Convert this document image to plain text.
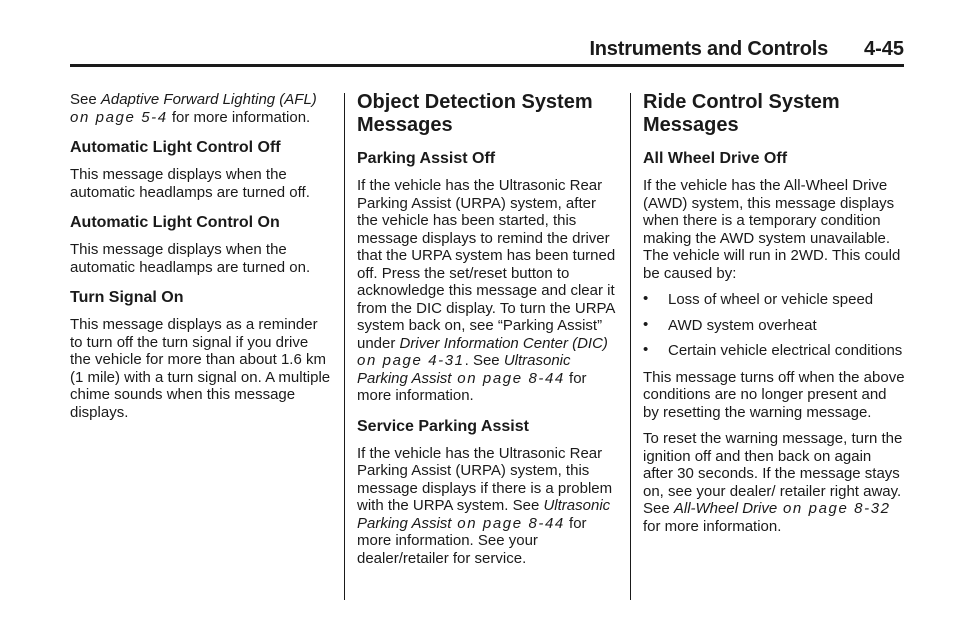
Instruments and Controls 4-45

See Adaptive Forward Lighting (AFL) on page 5-4 for more information.

Automatic Light Control Off

This message displays when the automatic headlamps are turned off.

Automatic Light Control On

This message displays when the automatic headlamps are turned on.

Turn Signal On

This message displays as a reminder to turn off the turn signal if you drive the vehicle for more than about 1.6 km (1 mile) with a turn signal on. A multiple chime sounds when this message displays.

Object Detection System Messages
Parking Assist Off

If the vehicle has the Ultrasonic Rear Parking Assist (URPA) system, after the vehicle has been started, this message displays to remind the driver that the URPA system has been turned off. Press the set/reset button to acknowledge this message and clear it from the DIC display. To turn the URPA system back on, see “Parking Assist” under Driver Information Center (DIC) on page 4-31. See Ultrasonic Parking Assist on page 8-44 for more information.

Service Parking Assist

If the vehicle has the Ultrasonic Rear Parking Assist (URPA) system, this message displays if there is a problem with the URPA system. See Ultrasonic Parking Assist on page 8-44 for more information. See your dealer/retailer for service.

Ride Control System Messages
All Wheel Drive Off

If the vehicle has the All-Wheel Drive (AWD) system, this message displays when there is a temporary condition making the AWD system unavailable. The vehicle will run in 2WD. This could be caused by:

• Loss of wheel or vehicle speed
• AWD system overheat
• Certain vehicle electrical conditions

This message turns off when the above conditions are no longer present and by resetting the warning message.

To reset the warning message, turn the ignition off and then back on again after 30 seconds. If the message stays on, see your dealer/ retailer right away. See All-Wheel Drive on page 8-32 for more information.
